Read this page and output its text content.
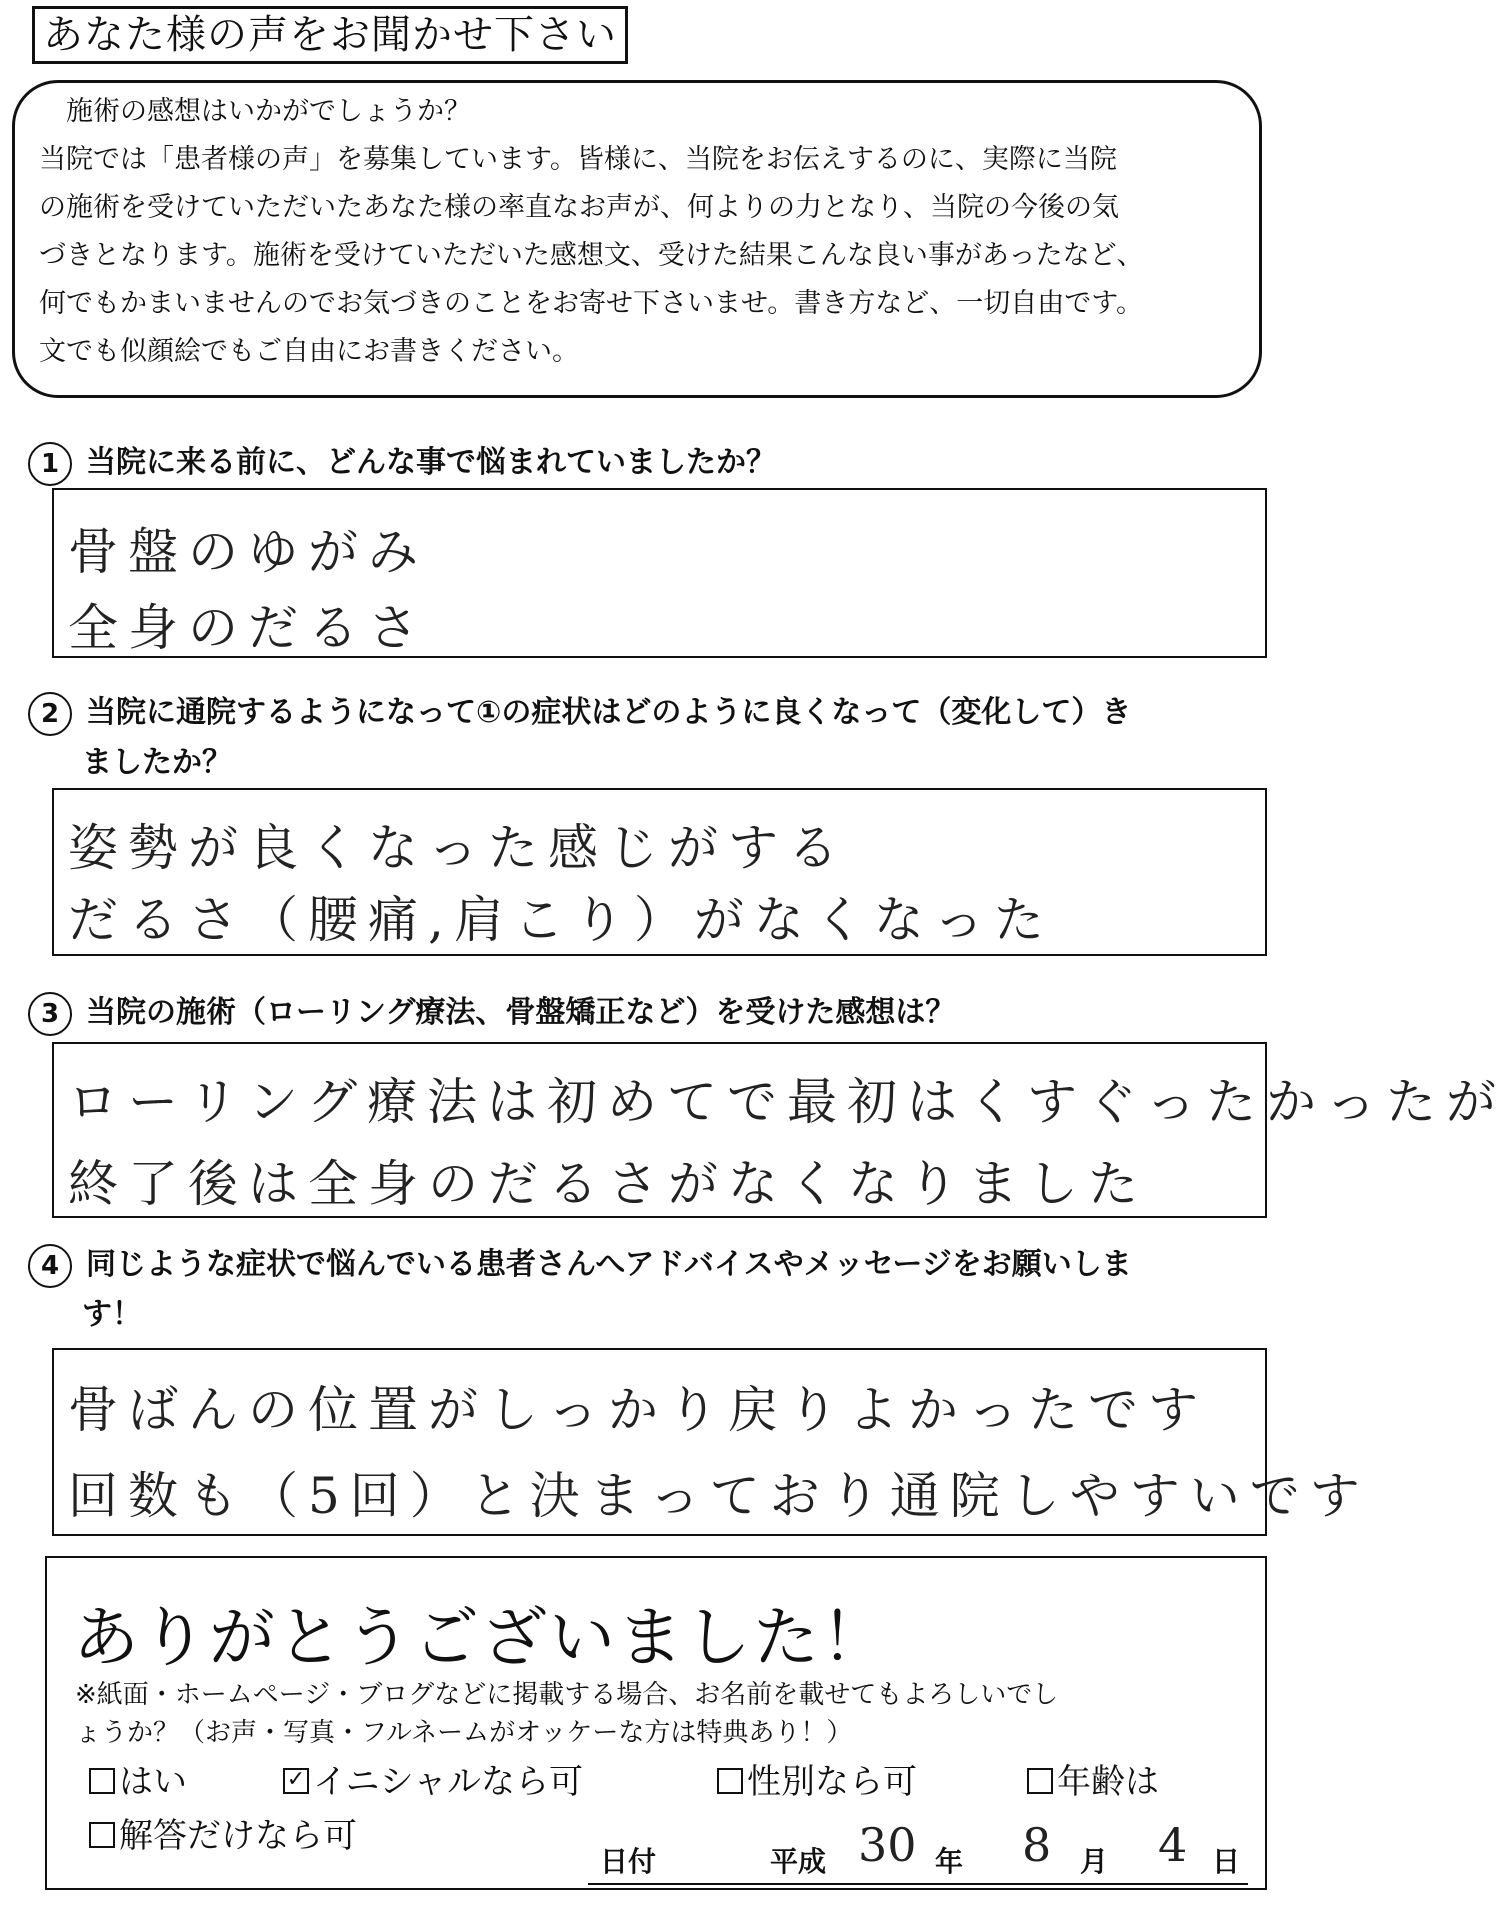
あなた様の声をお聞かせ下さい
　施術の感想はいかがでしょうか？
当院では「患者様の声」を募集しています。皆様に、当院をお伝えするのに、実際に当院
の施術を受けていただいたあなた様の率直なお声が、何よりの力となり、当院の今後の気
づきとなります。施術を受けていただいた感想文、受けた結果こんな良い事があったなど、
何でもかまいませんのでお気づきのことをお寄せ下さいませ。書き方など、一切自由です。
文でも似顔絵でもご自由にお書きください。
1 当院に来る前に、どんな事で悩まれていましたか？
骨盤のゆがみ
全身のだるさ
2 当院に通院するようになって①の症状はどのように良くなって（変化して）き
ましたか？
姿勢が良くなった感じがする
だるさ（腰痛,肩こり）がなくなった
3 当院の施術（ローリング療法、骨盤矯正など）を受けた感想は？
ローリング療法は初めてで最初はくすぐったかったが
終了後は全身のだるさがなくなりました
4 同じような症状で悩んでいる患者さんへアドバイスやメッセージをお願いしま
す！
骨ばんの位置がしっかり戻りよかったです
回数も（5回）と決まっており通院しやすいです
ありがとうございました！
※紙面・ホームページ・ブログなどに掲載する場合、お名前を載せてもよろしいでし
ょうか？（お声・写真・フルネームがオッケーな方は特典あり！）
はい	✓ イニシャルなら可	性別なら可	年齢は
解答だけなら可
日付	平成 30 年 8 月 4 日
